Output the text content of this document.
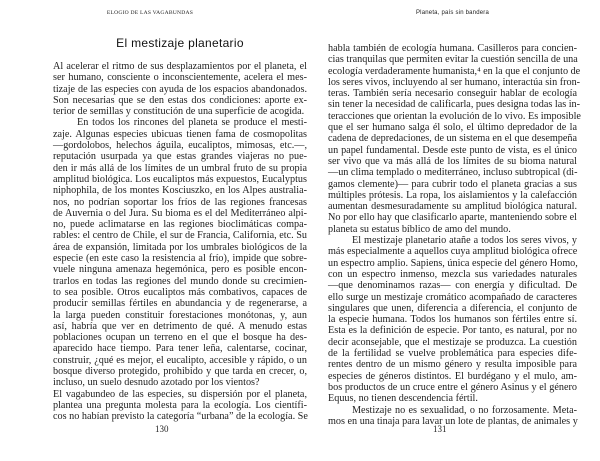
ELOGIO DE LAS VAGABUNDAS
El mestizaje planetario
Al acelerar el ritmo de sus desplazamientos por el planeta, el
ser humano, consciente o inconscientemente, acelera el mes-
tizaje de las especies con ayuda de los espacios abandonados.
Son necesarias que se den estas dos condiciones: aporte ex-
terior de semillas y constitución de una superficie de acogida.
En todos los rincones del planeta se produce el mesti-
zaje. Algunas especies ubicuas tienen fama de cosmopolitas
—gordolobos, helechos águila, eucaliptos, mimosas, etc.—,
reputación usurpada ya que estas grandes viajeras no pue-
den ir más allá de los límites de un umbral fruto de su propia
amplitud biológica. Los eucaliptos más expuestos, Eucalyptus
niphophila, de los montes Kosciuszko, en los Alpes australia-
nos, no podrían soportar los fríos de las regiones francesas
de Auvernia o del Jura. Su bioma es el del Mediterráneo alpi-
no, puede aclimatarse en las regiones bioclimáticas compa-
rables: el centro de Chile, el sur de Francia, California, etc. Su
área de expansión, limitada por los umbrales biológicos de la
especie (en este caso la resistencia al frío), impide que sobre-
vuele ninguna amenaza hegemónica, pero es posible encon-
trarlos en todas las regiones del mundo donde su crecimien-
to sea posible. Otros eucaliptos más combativos, capaces de
producir semillas fértiles en abundancia y de regenerarse, a
la larga pueden constituir forestaciones monótonas, y, aun
así, habría que ver en detrimento de qué. A menudo estas
poblaciones ocupan un terreno en el que el bosque ha des-
aparecido hace tiempo. Para tener leña, calentarse, cocinar,
construir, ¿qué es mejor, el eucalipto, accesible y rápido, o un
bosque diverso protegido, prohibido y que tarda en crecer, o,
incluso, un suelo desnudo azotado por los vientos?
El vagabundeo de las especies, su dispersión por el planeta,
plantea una pregunta molesta para la ecología. Los científi-
cos no habían previsto la categoría “urbana” de la ecología. Se
130
Planeta, país sin bandera
habla también de ecología humana. Casilleros para concien-
cias tranquilas que permiten evitar la cuestión sencilla de una
ecología verdaderamente humanista,⁴ en la que el conjunto de
los seres vivos, incluyendo al ser humano, interactúa sin fron-
teras. También sería necesario conseguir hablar de ecología
sin tener la necesidad de calificarla, pues designa todas las in-
teracciones que orientan la evolución de lo vivo. Es imposible
que el ser humano salga él solo, el último depredador de la
cadena de depredaciones, de un sistema en el que desempeña
un papel fundamental. Desde este punto de vista, es el único
ser vivo que va más allá de los límites de su bioma natural
—un clima templado o mediterráneo, incluso subtropical (di-
gamos clemente)— para cubrir todo el planeta gracias a sus
múltiples prótesis. La ropa, los aislamientos y la calefacción
aumentan desmesuradamente su amplitud biológica natural.
No por ello hay que clasificarlo aparte, manteniendo sobre el
planeta su estatus bíblico de amo del mundo.
El mestizaje planetario atañe a todos los seres vivos, y
más especialmente a aquellos cuya amplitud biológica ofrece
un espectro amplio. Sapiens, única especie del género Homo,
con un espectro inmenso, mezcla sus variedades naturales
—que denominamos razas— con energía y dificultad. De
ello surge un mestizaje cromático acompañado de caracteres
singulares que unen, diferencia a diferencia, el conjunto de
la especie humana. Todos los humanos son fértiles entre sí.
Esta es la definición de especie. Por tanto, es natural, por no
decir aconsejable, que el mestizaje se produzca. La cuestión
de la fertilidad se vuelve problemática para especies dife-
rentes dentro de un mismo género y resulta imposible para
especies de géneros distintos. El burdégano y el mulo, am-
bos productos de un cruce entre el género Asinus y el género
Equus, no tienen descendencia fértil.
Mestizaje no es sexualidad, o no forzosamente. Meta-
mos en una tinaja para lavar un lote de plantas, de animales y
131
